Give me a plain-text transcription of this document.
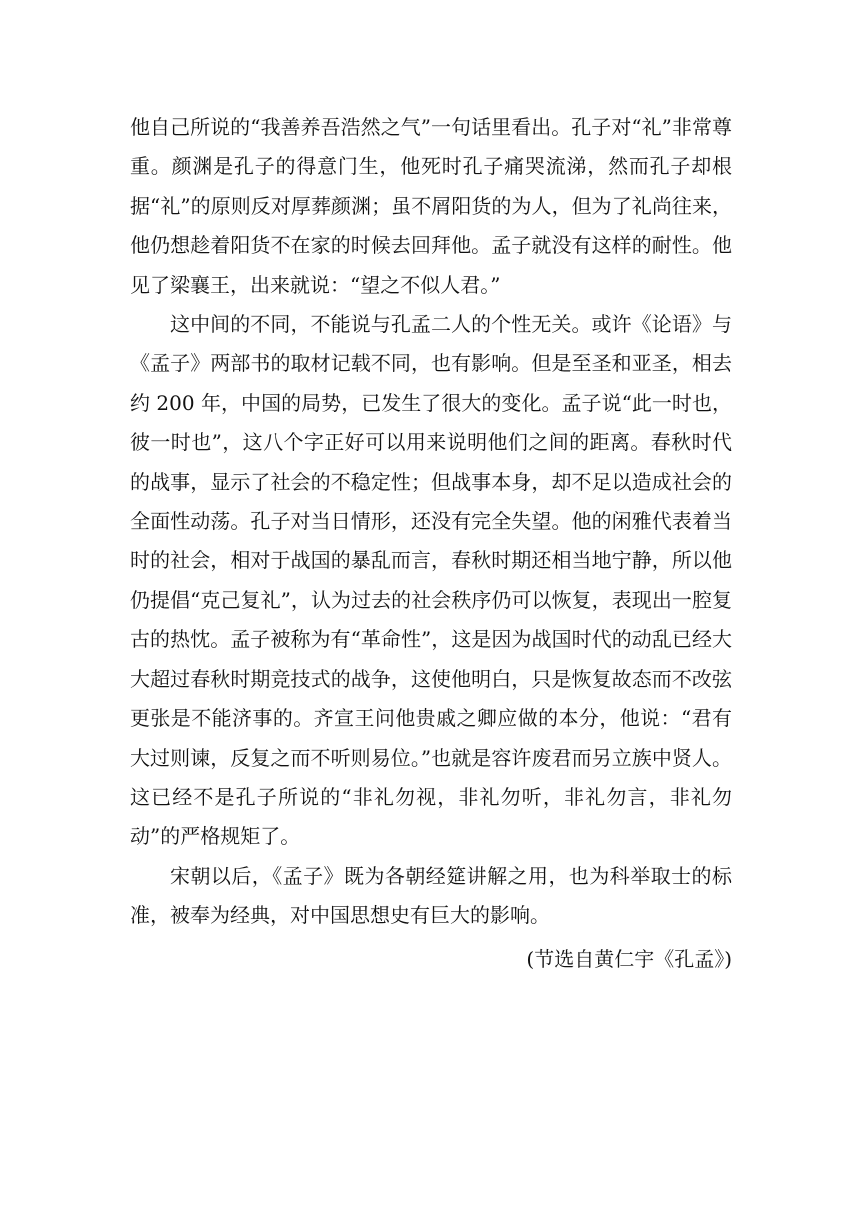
他自己所说的“我善养吾浩然之气”一句话里看出。孔子对“礼”非常尊重。颜渊是孔子的得意门生，他死时孔子痛哭流涕，然而孔子却根据“礼”的原则反对厚葬颜渊；虽不屑阳货的为人，但为了礼尚往来，他仍想趁着阳货不在家的时候去回拜他。孟子就没有这样的耐性。他见了梁襄王，出来就说：“望之不似人君。”

这中间的不同，不能说与孔孟二人的个性无关。或许《论语》与《孟子》两部书的取材记载不同，也有影响。但是至圣和亚圣，相去约 200 年，中国的局势，已发生了很大的变化。孟子说“此一时也，彼一时也”，这八个字正好可以用来说明他们之间的距离。春秋时代的战事，显示了社会的不稳定性；但战事本身，却不足以造成社会的全面性动荡。孔子对当日情形，还没有完全失望。他的闲雅代表着当时的社会，相对于战国的暴乱而言，春秋时期还相当地宁静，所以他仍提倡“克己复礼”，认为过去的社会秩序仍可以恢复，表现出一腔复古的热忱。孟子被称为有“革命性”，这是因为战国时代的动乱已经大大超过春秋时期竞技式的战争，这使他明白，只是恢复故态而不改弦更张是不能济事的。齐宣王问他贵戚之卿应做的本分，他说：“君有大过则谏，反复之而不听则易位。”也就是容许废君而另立族中贤人。这已经不是孔子所说的“非礼勿视，非礼勿听，非礼勿言，非礼勿动”的严格规矩了。

宋朝以后，《孟子》既为各朝经筵讲解之用，也为科举取士的标准，被奉为经典，对中国思想史有巨大的影响。

(节选自黄仁宇《孔孟》)
